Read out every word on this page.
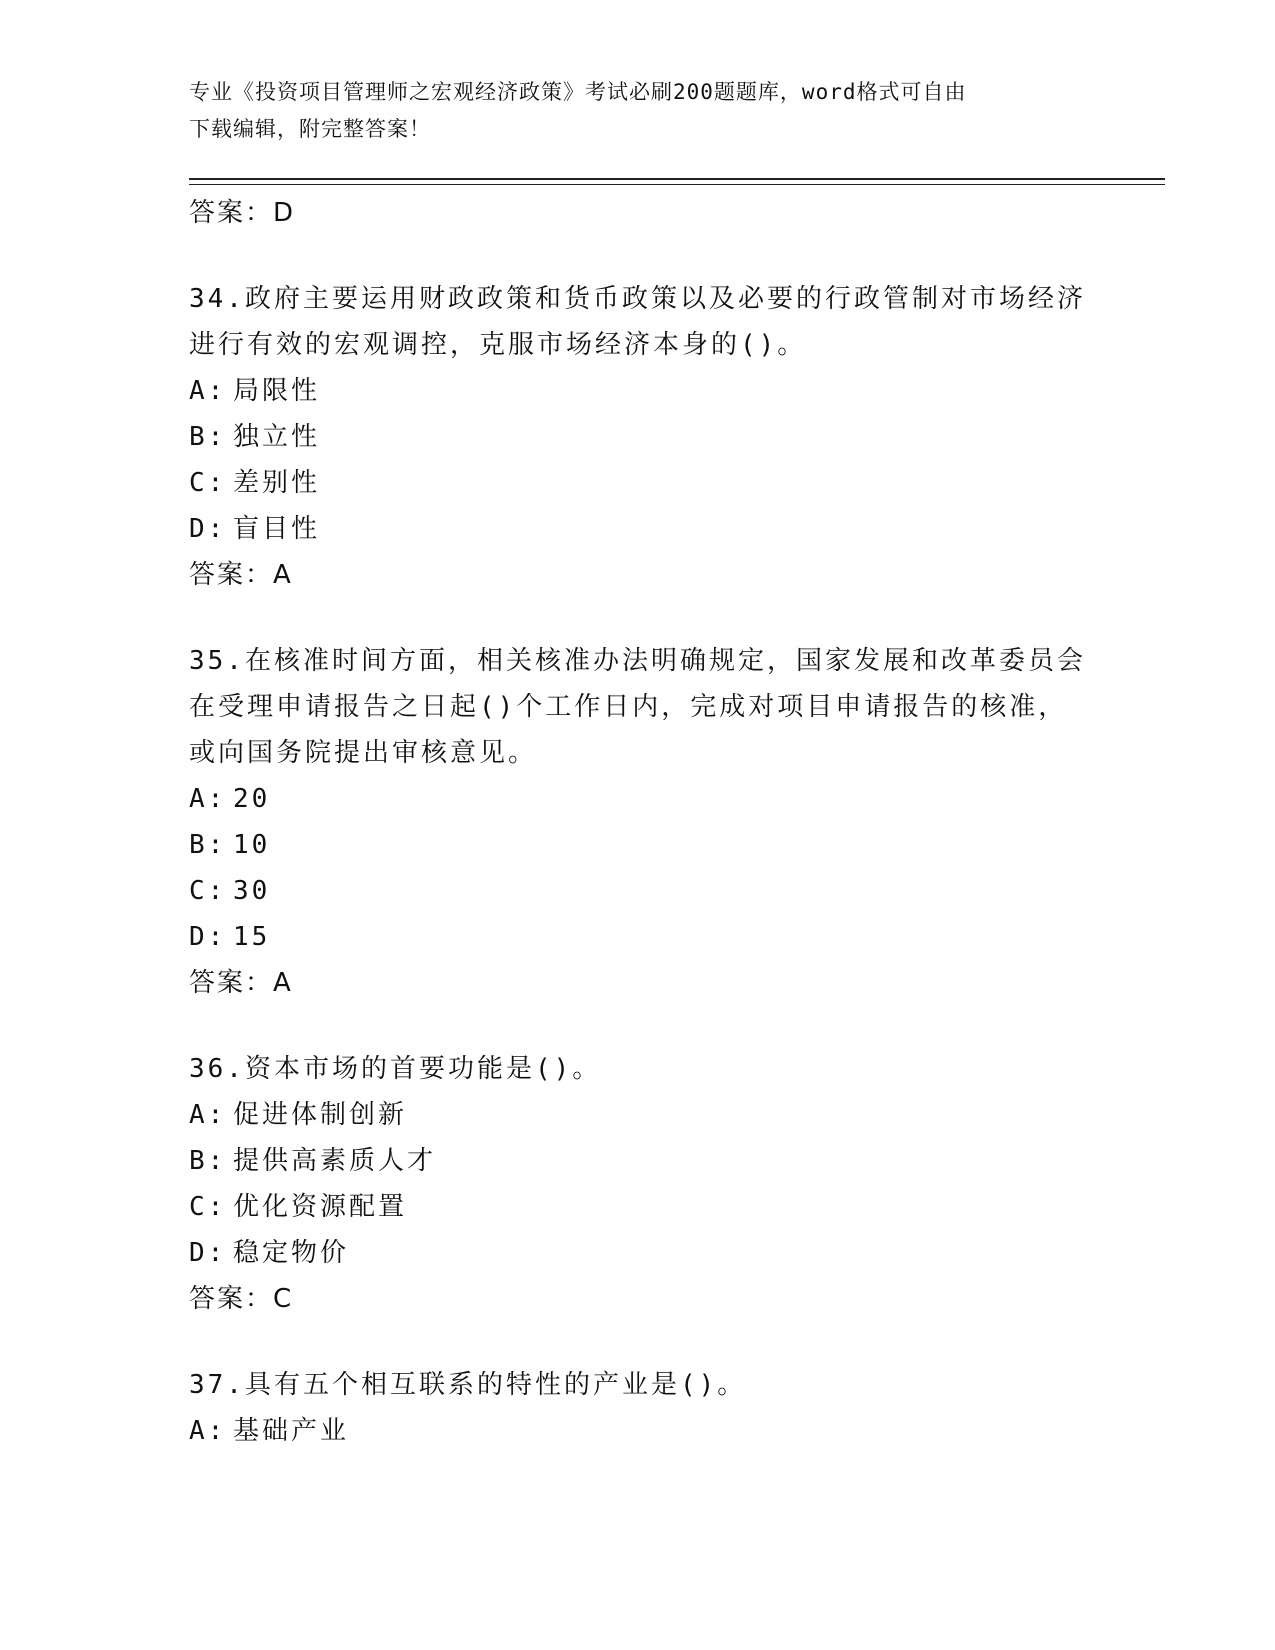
专业《投资项目管理师之宏观经济政策》考试必刷200题题库，word格式可自由
下载编辑，附完整答案！
答案：D
34.政府主要运用财政政策和货币政策以及必要的行政管制对市场经济
进行有效的宏观调控，克服市场经济本身的()。
A: 局限性
B: 独立性
C: 差别性
D: 盲目性
答案：A
35.在核准时间方面，相关核准办法明确规定，国家发展和改革委员会
在受理申请报告之日起()个工作日内，完成对项目申请报告的核准，
或向国务院提出审核意见。
A: 20
B: 10
C: 30
D: 15
答案：A
36.资本市场的首要功能是()。
A: 促进体制创新
B: 提供高素质人才
C: 优化资源配置
D: 稳定物价
答案：C
37.具有五个相互联系的特性的产业是()。
A: 基础产业
